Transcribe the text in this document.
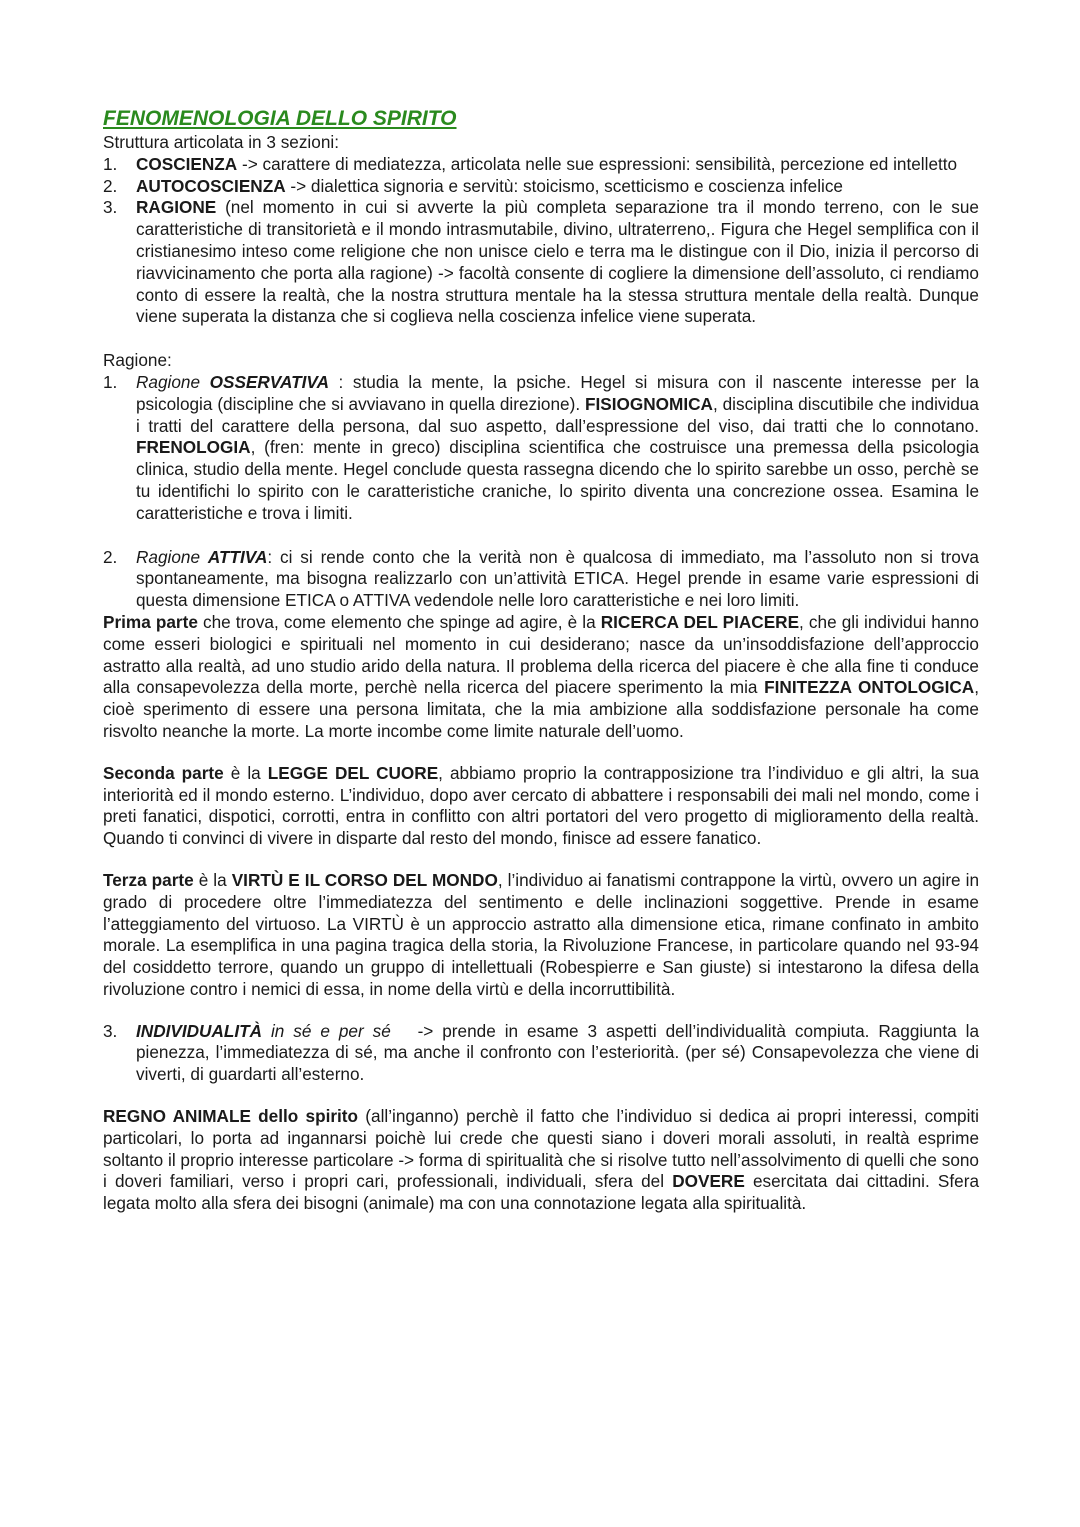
FENOMENOLOGIA DELLO SPIRITO

Struttura articolata in 3 sezioni:

1. COSCIENZA -> carattere di mediatezza, articolata nelle sue espressioni: sensibilità, percezione ed intelletto
2. AUTOCOSCIENZA -> dialettica signoria e servitù: stoicismo, scetticismo e coscienza infelice
3. RAGIONE (nel momento in cui si avverte la più completa separazione tra il mondo terreno, con le sue caratteristiche di transitorietà e il mondo intrasmutabile, divino, ultraterreno,. Figura che Hegel semplifica con il cristianesimo inteso come religione che non unisce cielo e terra ma le distingue con il Dio, inizia il percorso di riavvicinamento che porta alla ragione) -> facoltà consente di cogliere la dimensione dell’assoluto, ci rendiamo conto di essere la realtà, che la nostra struttura mentale ha la stessa struttura mentale della realtà. Dunque viene superata la distanza che si coglieva nella coscienza infelice viene superata.

Ragione:

1. Ragione OSSERVATIVA : studia la mente, la psiche. Hegel si misura con il nascente interesse per la psicologia (discipline che si avviavano in quella direzione). FISIOGNOMICA, disciplina discutibile che individua i tratti del carattere della persona, dal suo aspetto, dall’espressione del viso, dai tratti che lo connotano. FRENOLOGIA, (fren: mente in greco) disciplina scientifica che costruisce una premessa della psicologia clinica, studio della mente. Hegel conclude questa rassegna dicendo che lo spirito sarebbe un osso, perchè se tu identifichi lo spirito con le caratteristiche craniche, lo spirito diventa una concrezione ossea. Esamina le caratteristiche e trova i limiti.
2. Ragione ATTIVA: ci si rende conto che la verità non è qualcosa di immediato, ma l’assoluto non si trova spontaneamente, ma bisogna realizzarlo con un’attività ETICA. Hegel prende in esame varie espressioni di questa dimensione ETICA o ATTIVA vedendole nelle loro caratteristiche e nei loro limiti.

Prima parte che trova, come elemento che spinge ad agire, è la RICERCA DEL PIACERE, che gli individui hanno come esseri biologici e spirituali nel momento in cui desiderano; nasce da un’insoddisfazione dell’approccio astratto alla realtà, ad uno studio arido della natura. Il problema della ricerca del piacere è che alla fine ti conduce alla consapevolezza della morte, perchè nella ricerca del piacere sperimento la mia FINITEZZA ONTOLOGICA, cioè sperimento di essere una persona limitata, che la mia ambizione alla soddisfazione personale ha come risvolto neanche la morte. La morte incombe come limite naturale dell’uomo.

Seconda parte è la LEGGE DEL CUORE, abbiamo proprio la contrapposizione tra l’individuo e gli altri, la sua interiorità ed il mondo esterno. L’individuo, dopo aver cercato di abbattere i responsabili dei mali nel mondo, come i preti fanatici, dispotici, corrotti, entra in conflitto con altri portatori del vero progetto di miglioramento della realtà. Quando ti convinci di vivere in disparte dal resto del mondo, finisce ad essere fanatico.

Terza parte è la VIRTÙ E IL CORSO DEL MONDO, l’individuo ai fanatismi contrappone la virtù, ovvero un agire in grado di procedere oltre l’immediatezza del sentimento e delle inclinazioni soggettive. Prende in esame l’atteggiamento del virtuoso. La VIRTÙ è un approccio astratto alla dimensione etica, rimane confinato in ambito morale. La esemplifica in una pagina tragica della storia, la Rivoluzione Francese, in particolare quando nel 93-94 del cosiddetto terrore, quando un gruppo di intellettuali (Robespierre e San giuste) si intestarono la difesa della rivoluzione contro i nemici di essa, in nome della virtù e della incorruttibilità.

3. INDIVIDUALITÀ in sé e per sé   -> prende in esame 3 aspetti dell’individualità compiuta. Raggiunta la pienezza, l’immediatezza di sé, ma anche il confronto con l’esteriorità. (per sé) Consapevolezza che viene di viverti, di guardarti all’esterno.

REGNO ANIMALE dello spirito (all’inganno) perchè il fatto che l’individuo si dedica ai propri interessi, compiti particolari, lo porta ad ingannarsi poichè lui crede che questi siano i doveri morali assoluti, in realtà esprime soltanto il proprio interesse particolare -> forma di spiritualità che si risolve tutto nell’assolvimento di quelli che sono i doveri familiari, verso i propri cari, professionali, individuali, sfera del DOVERE esercitata dai cittadini. Sfera legata molto alla sfera dei bisogni (animale) ma con una connotazione legata alla spiritualità.
